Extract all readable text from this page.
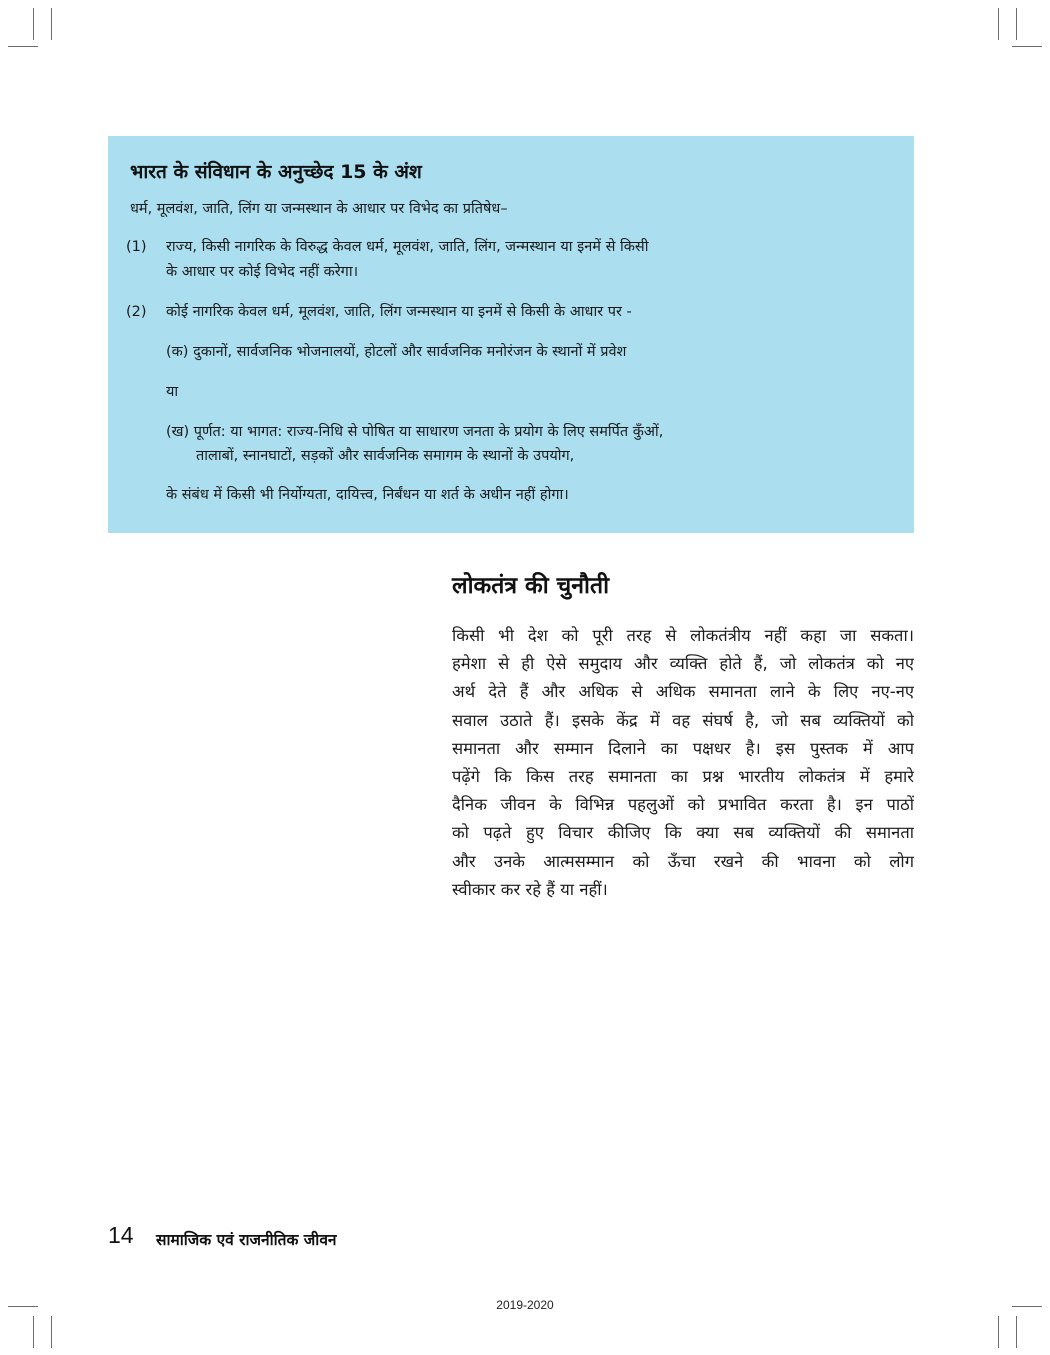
भारत के संविधान के अनुच्छेद 15 के अंश
धर्म, मूलवंश, जाति, लिंग या जन्मस्थान के आधार पर विभेद का प्रतिषेध–
(1) राज्य, किसी नागरिक के विरुद्ध केवल धर्म, मूलवंश, जाति, लिंग, जन्मस्थान या इनमें से किसी
के आधार पर कोई विभेद नहीं करेगा।
(2) कोई नागरिक केवल धर्म, मूलवंश, जाति, लिंग जन्मस्थान या इनमें से किसी के आधार पर -
(क) दुकानों, सार्वजनिक भोजनालयों, होटलों और सार्वजनिक मनोरंजन के स्थानों में प्रवेश
या
(ख) पूर्णत: या भागत: राज्य-निधि से पोषित या साधारण जनता के प्रयोग के लिए समर्पित कुँओं,
तालाबों, स्नानघाटों, सड़कों और सार्वजनिक समागम के स्थानों के उपयोग,
के संबंध में किसी भी निर्योग्यता, दायित्त्व, निर्बंधन या शर्त के अधीन नहीं होगा।
लोकतंत्र की चुनौती
किसी भी देश को पूरी तरह से लोकतंत्रीय नहीं कहा जा सकता।
हमेशा से ही ऐसे समुदाय और व्यक्ति होते हैं, जो लोकतंत्र को नए
अर्थ देते हैं और अधिक से अधिक समानता लाने के लिए नए-नए
सवाल उठाते हैं। इसके केंद्र में वह संघर्ष है, जो सब व्यक्तियों को
समानता और सम्मान दिलाने का पक्षधर है। इस पुस्तक में आप
पढ़ेंगे कि किस तरह समानता का प्रश्न भारतीय लोकतंत्र में हमारे
दैनिक जीवन के विभिन्न पहलुओं को प्रभावित करता है। इन पाठों
को पढ़ते हुए विचार कीजिए कि क्या सब व्यक्तियों की समानता
और उनके आत्मसम्मान को ऊँचा रखने की भावना को लोग
स्वीकार कर रहे हैं या नहीं।
14 सामाजिक एवं राजनीतिक जीवन
2019-2020
